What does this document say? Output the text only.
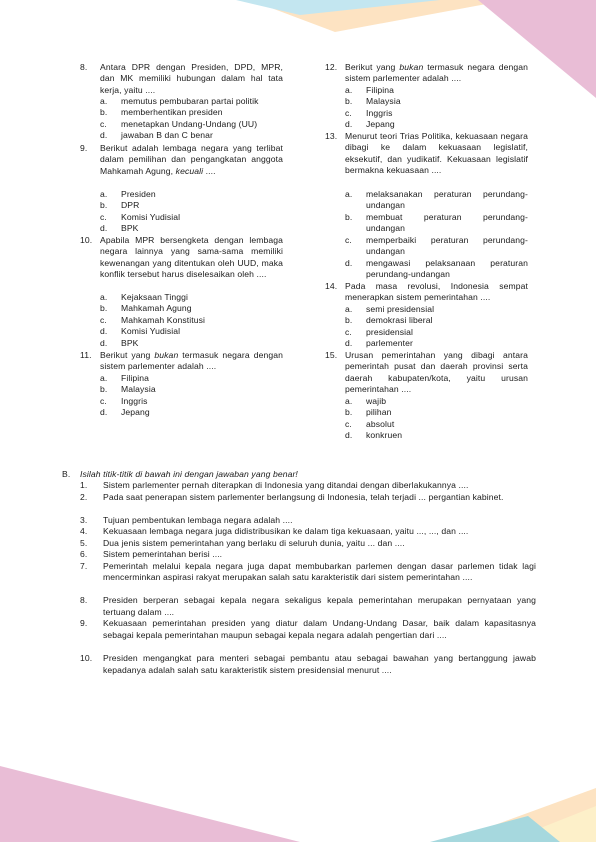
8. Antara DPR dengan Presiden, DPD, MPR, dan MK memiliki hubungan dalam hal tata kerja, yaitu ....
a.	memutus pembubaran partai politik
b.	memberhentikan presiden
c.	menetapkan Undang-Undang (UU)
d.	jawaban B dan C benar
9. Berikut adalah lembaga negara yang terlibat dalam pemilihan dan pengangkatan anggota Mahkamah Agung, kecuali ....
a.	Presiden
b.	DPR
c.	Komisi Yudisial
d.	BPK
10. Apabila MPR bersengketa dengan lembaga negara lainnya yang sama-sama memiliki kewenangan yang ditentukan oleh UUD, maka konflik tersebut harus diselesaikan oleh ....
a.	Kejaksaan Tinggi
b.	Mahkamah Agung
c.	Mahkamah Konstitusi
d.	Komisi Yudisial
d.	BPK
11. Berikut yang bukan termasuk negara dengan sistem parlementer adalah ....
a.	Filipina
b.	Malaysia
c.	Inggris
d.	Jepang
12. Berikut yang bukan termasuk negara dengan sistem parlementer adalah ....
a.	Filipina
b.	Malaysia
c.	Inggris
d.	Jepang
13. Menurut teori Trias Politika, kekuasaan negara dibagi ke dalam kekuasaan legislatif, eksekutif, dan yudikatif. Kekuasaan legislatif bermakna kekuasaan ....
a.	melaksanakan peraturan perundang-undangan
b.	membuat peraturan perundang-undangan
c.	memperbaiki peraturan perundang-undangan
d.	mengawasi pelaksanaan peraturan perundang-undangan
14. Pada masa revolusi, Indonesia sempat menerapkan sistem pemerintahan ....
a.	semi presidensial
b.	demokrasi liberal
c.	presidensial
d.	parlementer
15. Urusan pemerintahan yang dibagi antara pemerintah pusat dan daerah provinsi serta daerah kabupaten/kota, yaitu urusan pemerintahan ....
a.	wajib
b.	pilihan
c.	absolut
d.	konkruen
B. Isilah titik-titik di bawah ini dengan jawaban yang benar!
1. Sistem parlementer pernah diterapkan di Indonesia yang ditandai dengan diberlakukannya ....
2. Pada saat penerapan sistem parlementer berlangsung di Indonesia, telah terjadi ... pergantian kabinet.
3. Tujuan pembentukan lembaga negara adalah ....
4. Kekuasaan lembaga negara juga didistribusikan ke dalam tiga kekuasaan, yaitu ..., ..., dan ....
5. Dua jenis sistem pemerintahan yang berlaku di seluruh dunia, yaitu ... dan ....
6. Sistem pemerintahan berisi ....
7. Pemerintah melalui kepala negara juga dapat membubarkan parlemen dengan dasar parlemen tidak lagi mencerminkan aspirasi rakyat merupakan salah satu karakteristik dari sistem pemerintahan ....
8. Presiden berperan sebagai kepala negara sekaligus kepala pemerintahan merupakan pernyataan yang tertuang dalam ....
9. Kekuasaan pemerintahan presiden yang diatur dalam Undang-Undang Dasar, baik dalam kapasitasnya sebagai kepala pemerintahan maupun sebagai kepala negara adalah pengertian dari ....
10. Presiden mengangkat para menteri sebagai pembantu atau sebagai bawahan yang bertanggung jawab kepadanya adalah salah satu karakteristik sistem presidensial menurut ....
